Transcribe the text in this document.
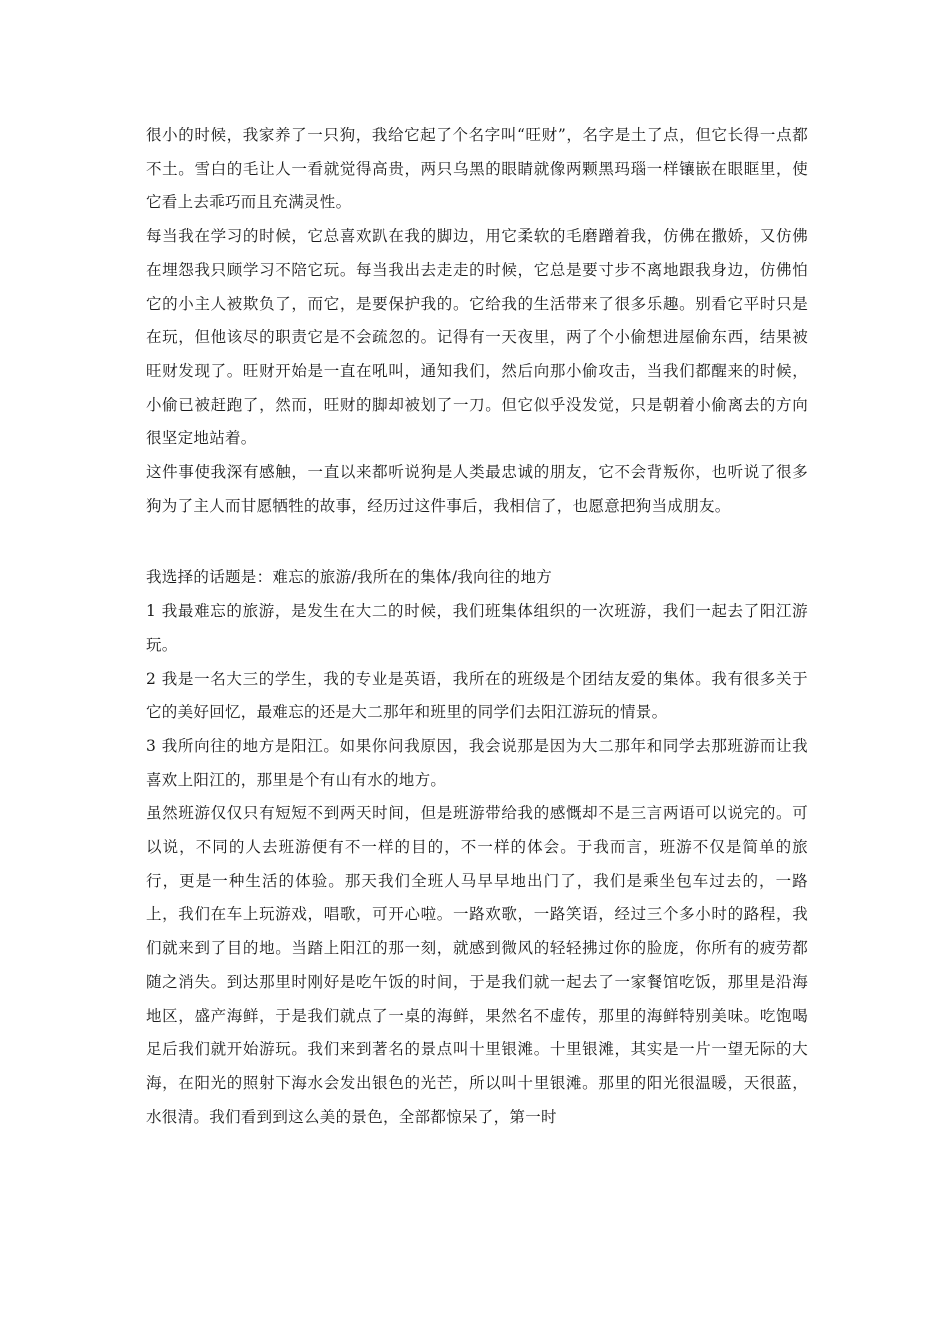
很小的时候，我家养了一只狗，我给它起了个名字叫“旺财”，名字是土了点，但它长得一点都不土。雪白的毛让人一看就觉得高贵，两只乌黑的眼睛就像两颗黑玛瑙一样镶嵌在眼眶里，使它看上去乖巧而且充满灵性。

每当我在学习的时候，它总喜欢趴在我的脚边，用它柔软的毛磨蹭着我，仿佛在撒娇，又仿佛在埋怨我只顾学习不陪它玩。每当我出去走走的时候，它总是要寸步不离地跟我身边，仿佛怕它的小主人被欺负了，而它，是要保护我的。它给我的生活带来了很多乐趣。别看它平时只是在玩，但他该尽的职责它是不会疏忽的。记得有一天夜里，两了个小偷想进屋偷东西，结果被旺财发现了。旺财开始是一直在吼叫，通知我们，然后向那小偷攻击，当我们都醒来的时候，小偷已被赶跑了，然而，旺财的脚却被划了一刀。但它似乎没发觉，只是朝着小偷离去的方向很坚定地站着。

这件事使我深有感触，一直以来都听说狗是人类最忠诚的朋友，它不会背叛你，也听说了很多狗为了主人而甘愿牺牲的故事，经历过这件事后，我相信了，也愿意把狗当成朋友。

我选择的话题是：难忘的旅游/我所在的集体/我向往的地方

1 我最难忘的旅游，是发生在大二的时候，我们班集体组织的一次班游，我们一起去了阳江游玩。

2 我是一名大三的学生，我的专业是英语，我所在的班级是个团结友爱的集体。我有很多关于它的美好回忆，最难忘的还是大二那年和班里的同学们去阳江游玩的情景。

3 我所向往的地方是阳江。如果你问我原因，我会说那是因为大二那年和同学去那班游而让我喜欢上阳江的，那里是个有山有水的地方。

虽然班游仅仅只有短短不到两天时间，但是班游带给我的感慨却不是三言两语可以说完的。可以说，不同的人去班游便有不一样的目的，不一样的体会。于我而言，班游不仅是简单的旅行，更是一种生活的体验。那天我们全班人马早早地出门了，我们是乘坐包车过去的，一路上，我们在车上玩游戏，唱歌，可开心啦。一路欢歌，一路笑语，经过三个多小时的路程，我们就来到了目的地。当踏上阳江的那一刻，就感到微风的轻轻拂过你的脸庞，你所有的疲劳都随之消失。到达那里时刚好是吃午饭的时间，于是我们就一起去了一家餐馆吃饭，那里是沿海地区，盛产海鲜，于是我们就点了一桌的海鲜，果然名不虚传，那里的海鲜特别美味。吃饱喝足后我们就开始游玩。我们来到著名的景点叫十里银滩。十里银滩，其实是一片一望无际的大海，在阳光的照射下海水会发出银色的光芒，所以叫十里银滩。那里的阳光很温暖，天很蓝，水很清。我们看到到这么美的景色，全部都惊呆了，第一时
